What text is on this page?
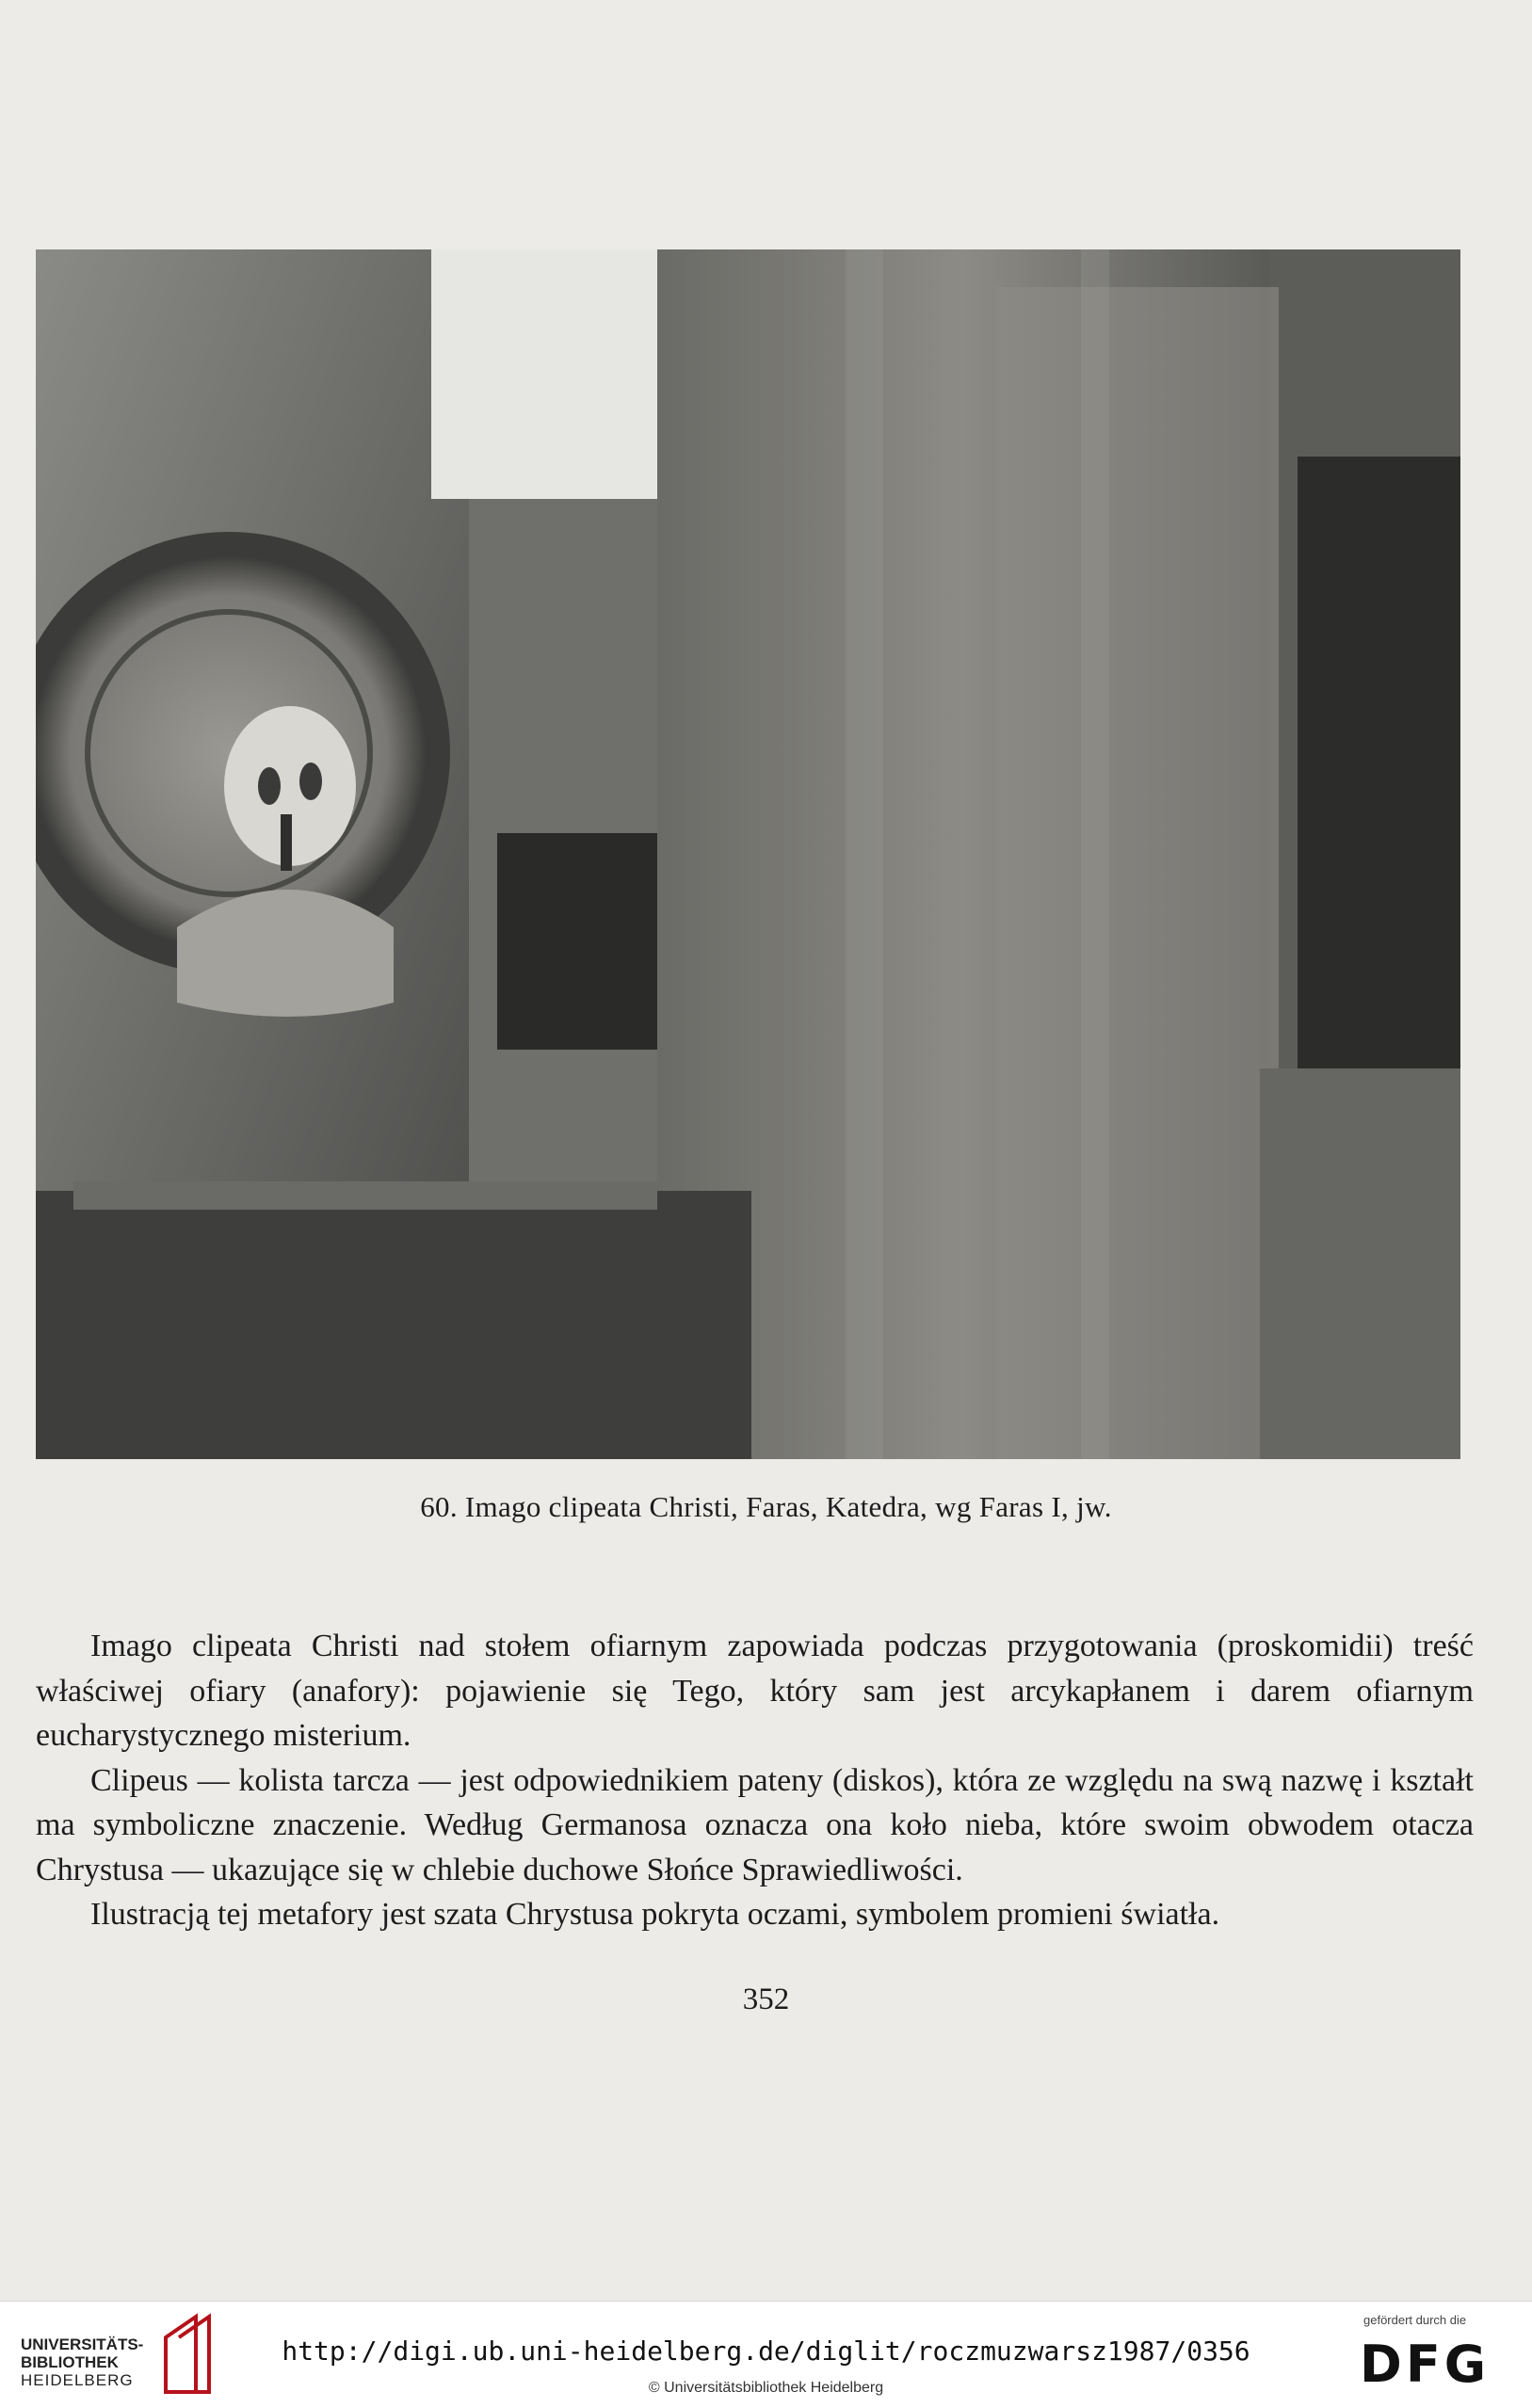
60. Imago clipeata Christi, Faras, Katedra, wg Faras I, jw.

Imago clipeata Christi nad stołem ofiarnym zapowiada podczas przygotowania (proskomidii) treść właściwej ofiary (anafory): pojawienie się Tego, który sam jest arcykapłanem i darem ofiarnym eucharystycznego misterium.

Clipeus — kolista tarcza — jest odpowiednikiem pateny (diskos), która ze względu na swą nazwę i kształt ma symboliczne znaczenie. Według Germanosa oznacza ona koło nieba, które swoim obwodem otacza Chrystusa — ukazujące się w chlebie duchowe Słońce Sprawiedliwości.

Ilustracją tej metafory jest szata Chrystusa pokryta oczami, symbolem promieni światła.

352
UNIVERSITÄTS-
BIBLIOTHEK
HEIDELBERG
http://digi.ub.uni-heidelberg.de/diglit/roczmuzwarsz1987/0356
© Universitätsbibliothek Heidelberg
gefördert durch die
DFG
